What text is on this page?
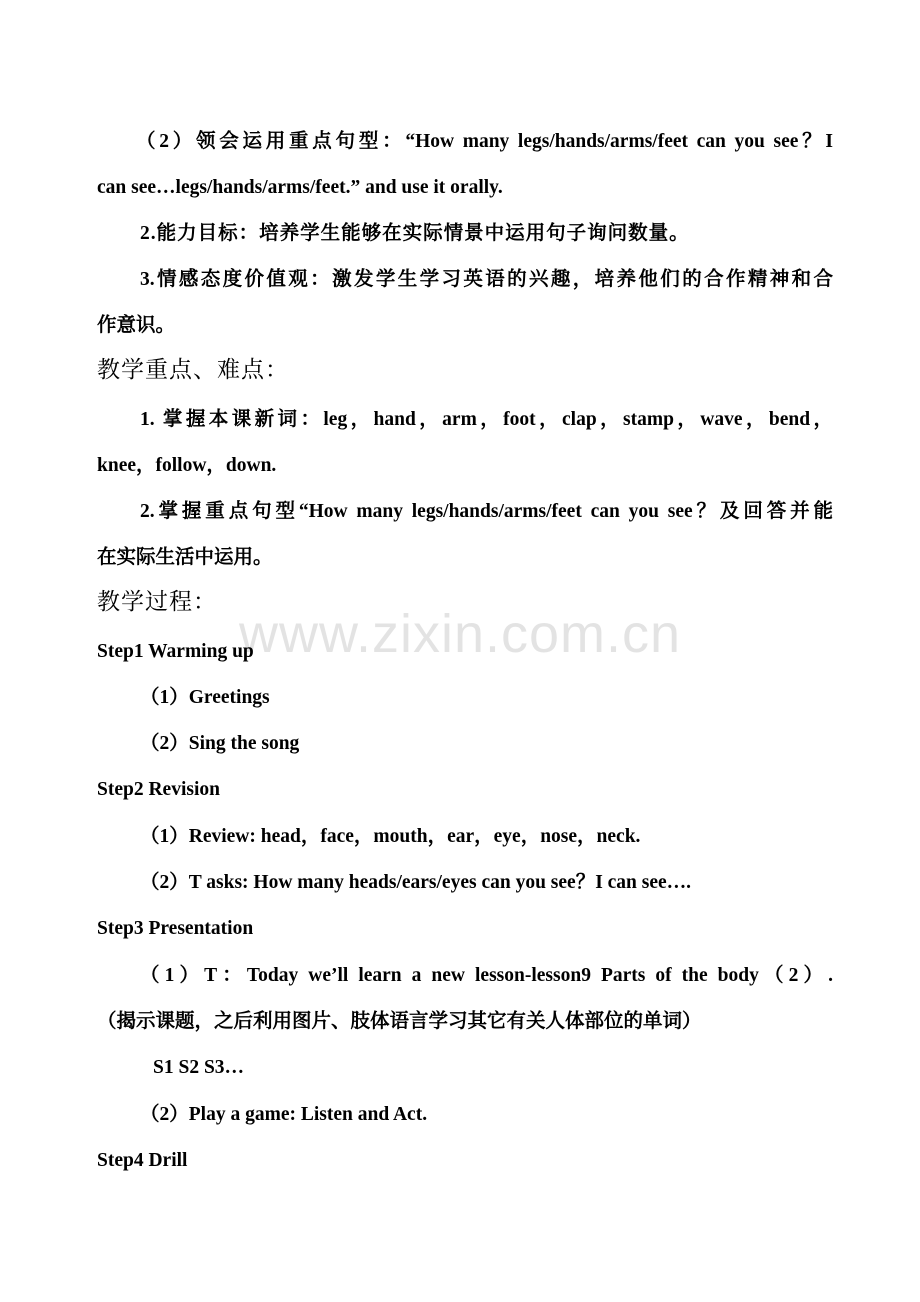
（2）领会运用重点句型：“How many legs/hands/arms/feet can you see？I
can see…legs/hands/arms/feet.” and use it orally.
2.能力目标：培养学生能够在实际情景中运用句子询问数量。
3.情感态度价值观：激发学生学习英语的兴趣，培养他们的合作精神和合
作意识。
教学重点、难点：
1. 掌握本课新词：leg，hand，arm，foot，clap，stamp，wave，bend，
knee，follow，down.
2.掌握重点句型“How many legs/hands/arms/feet can you see？及回答并能
在实际生活中运用。
教学过程：
Step1 Warming up
（1）Greetings
（2）Sing the song
Step2 Revision
（1）Review: head，face，mouth，ear，eye，nose，neck.
（2）T asks: How many heads/ears/eyes can you see？I can see….
Step3 Presentation
（1）T：Today we’ll learn a new lesson-lesson9 Parts of the body（2）.
（揭示课题，之后利用图片、肢体语言学习其它有关人体部位的单词）
S1 S2 S3…
（2）Play a game: Listen and Act.
Step4 Drill
www.zixin.com.cn
